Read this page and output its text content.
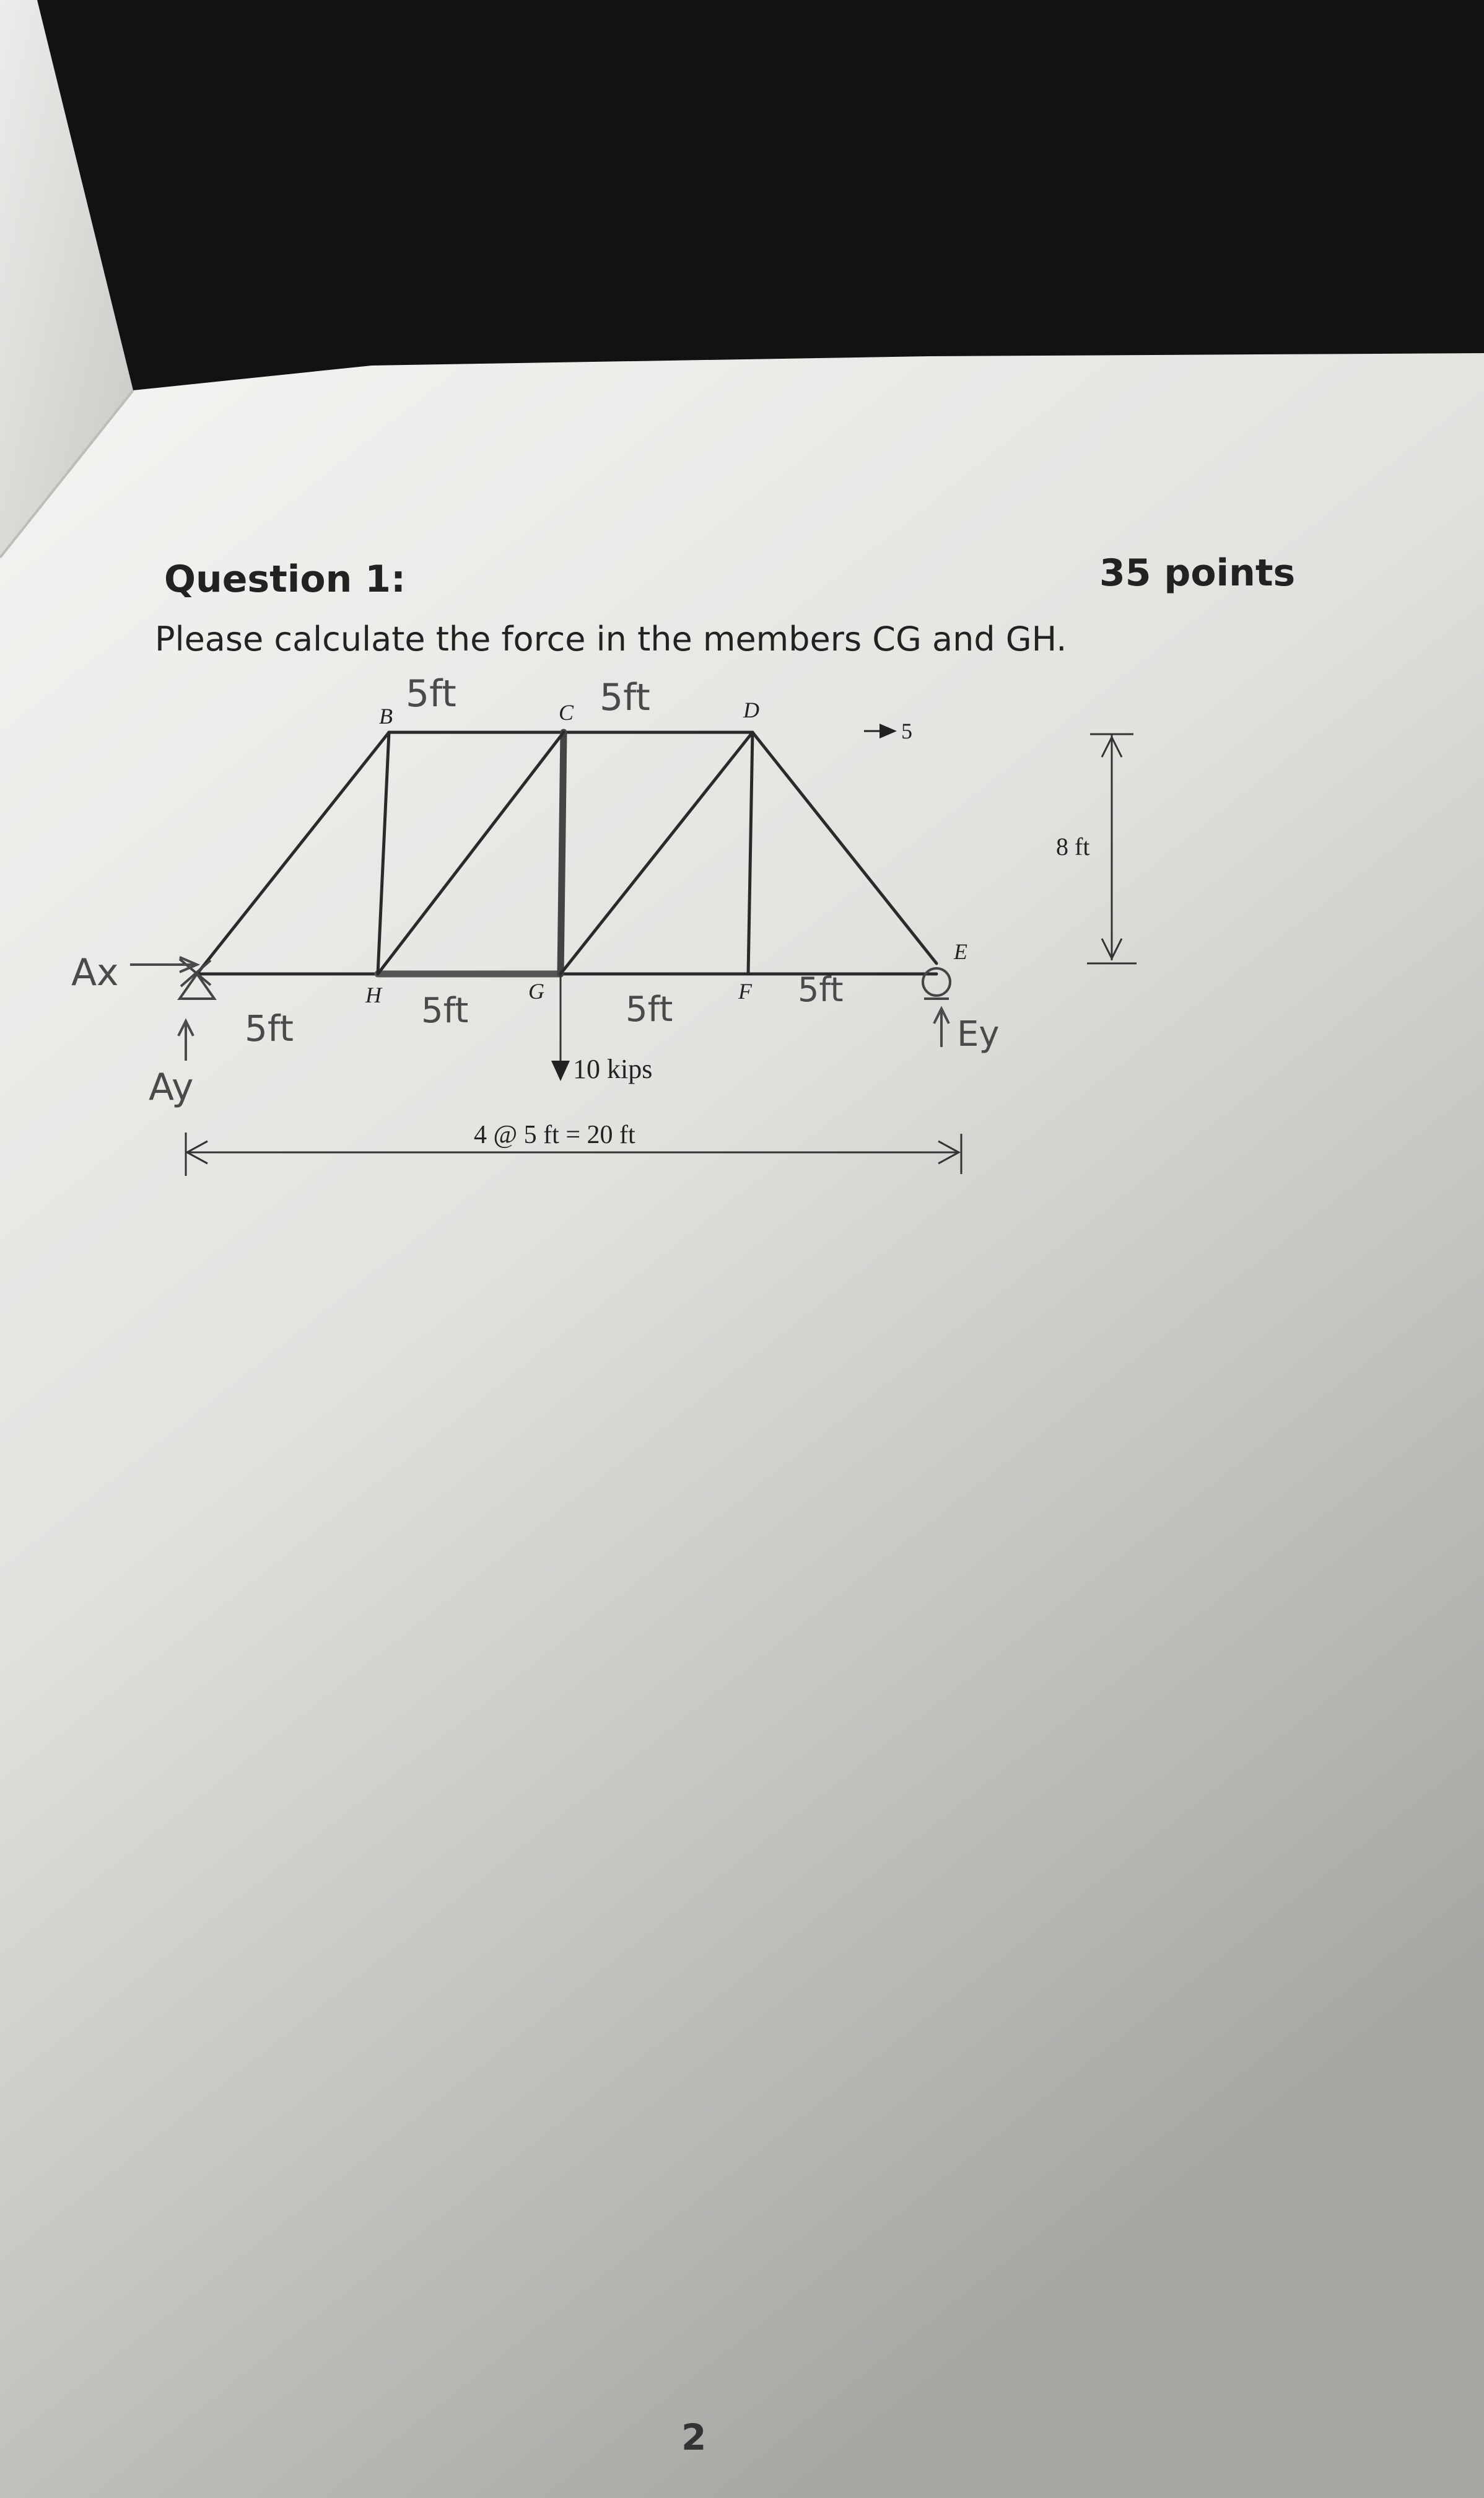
B	C	D
E
F
G
H
5
10 kips
4 @ 5 ft = 20 ft
8 ft
5ft	5ft
5ft	5ft	5ft	5ft
Ax
Ay
Ey
Question 1:	35 points
Please calculate the force in the members CG and GH.
2
